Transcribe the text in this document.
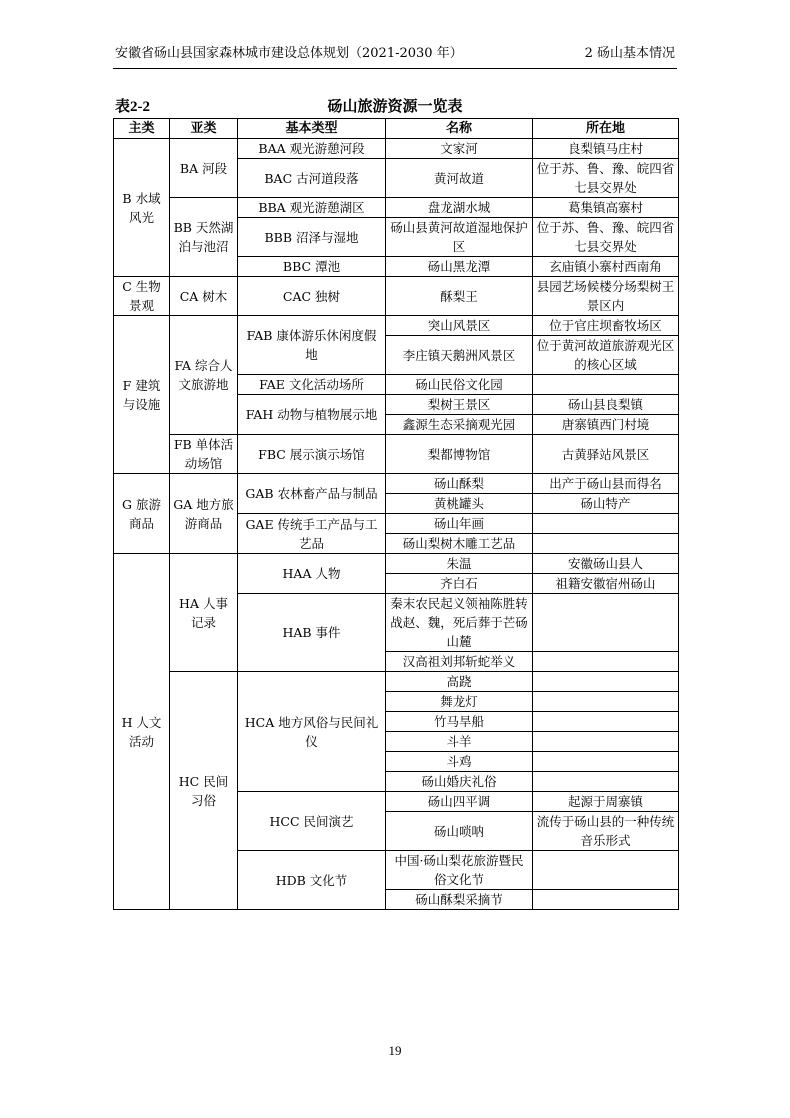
安徽省砀山县国家森林城市建设总体规划（2021-2030 年）	2 砀山基本情况
表2-2	砀山旅游资源一览表
主类	亚类	基本类型	名称	所在地
B 水域风光	BA 河段	BAA 观光游憩河段	文家河	良梨镇马庄村
		BAC 古河道段落	黄河故道	位于苏、鲁、豫、皖四省七县交界处
	BB 天然湖泊与池沼	BBA 观光游憩湖区	盘龙湖水城	葛集镇高寨村
		BBB 沼泽与湿地	砀山县黄河故道湿地保护区	位于苏、鲁、豫、皖四省七县交界处
		BBC 潭池	砀山黑龙潭	玄庙镇小寨村西南角
C 生物景观	CA 树木	CAC 独树	酥梨王	县园艺场候楼分场梨树王景区内
F 建筑与设施	FA 综合人文旅游地	FAB 康体游乐休闲度假地	突山风景区	位于官庄坝畜牧场区
			李庄镇天鹅洲风景区	位于黄河故道旅游观光区的核心区域
		FAE 文化活动场所	砀山民俗文化园	
		FAH 动物与植物展示地	梨树王景区	砀山县良梨镇
			鑫源生态采摘观光园	唐寨镇西门村境
	FB 单体活动场馆	FBC 展示演示场馆	梨都博物馆	古黄驿站风景区
G 旅游商品	GA 地方旅游商品	GAB 农林畜产品与制品	砀山酥梨	出产于砀山县而得名
			黄桃罐头	砀山特产
		GAE 传统手工产品与工艺品	砀山年画	
			砀山梨树木雕工艺品	
H 人文活动	HA 人事记录	HAA 人物	朱温	安徽砀山县人
			齐白石	祖籍安徽宿州砀山
		HAB 事件	秦末农民起义领袖陈胜转战赵、魏，死后葬于芒砀山麓	
			汉高祖刘邦斩蛇举义	
	HC 民间习俗	HCA 地方风俗与民间礼仪	高跷	
			舞龙灯	
			竹马旱船	
			斗羊	
			斗鸡	
			砀山婚庆礼俗	
		HCC 民间演艺	砀山四平调	起源于周寨镇
			砀山唢呐	流传于砀山县的一种传统音乐形式
		HDB 文化节	中国·砀山梨花旅游暨民俗文化节	
			砀山酥梨采摘节	
19
